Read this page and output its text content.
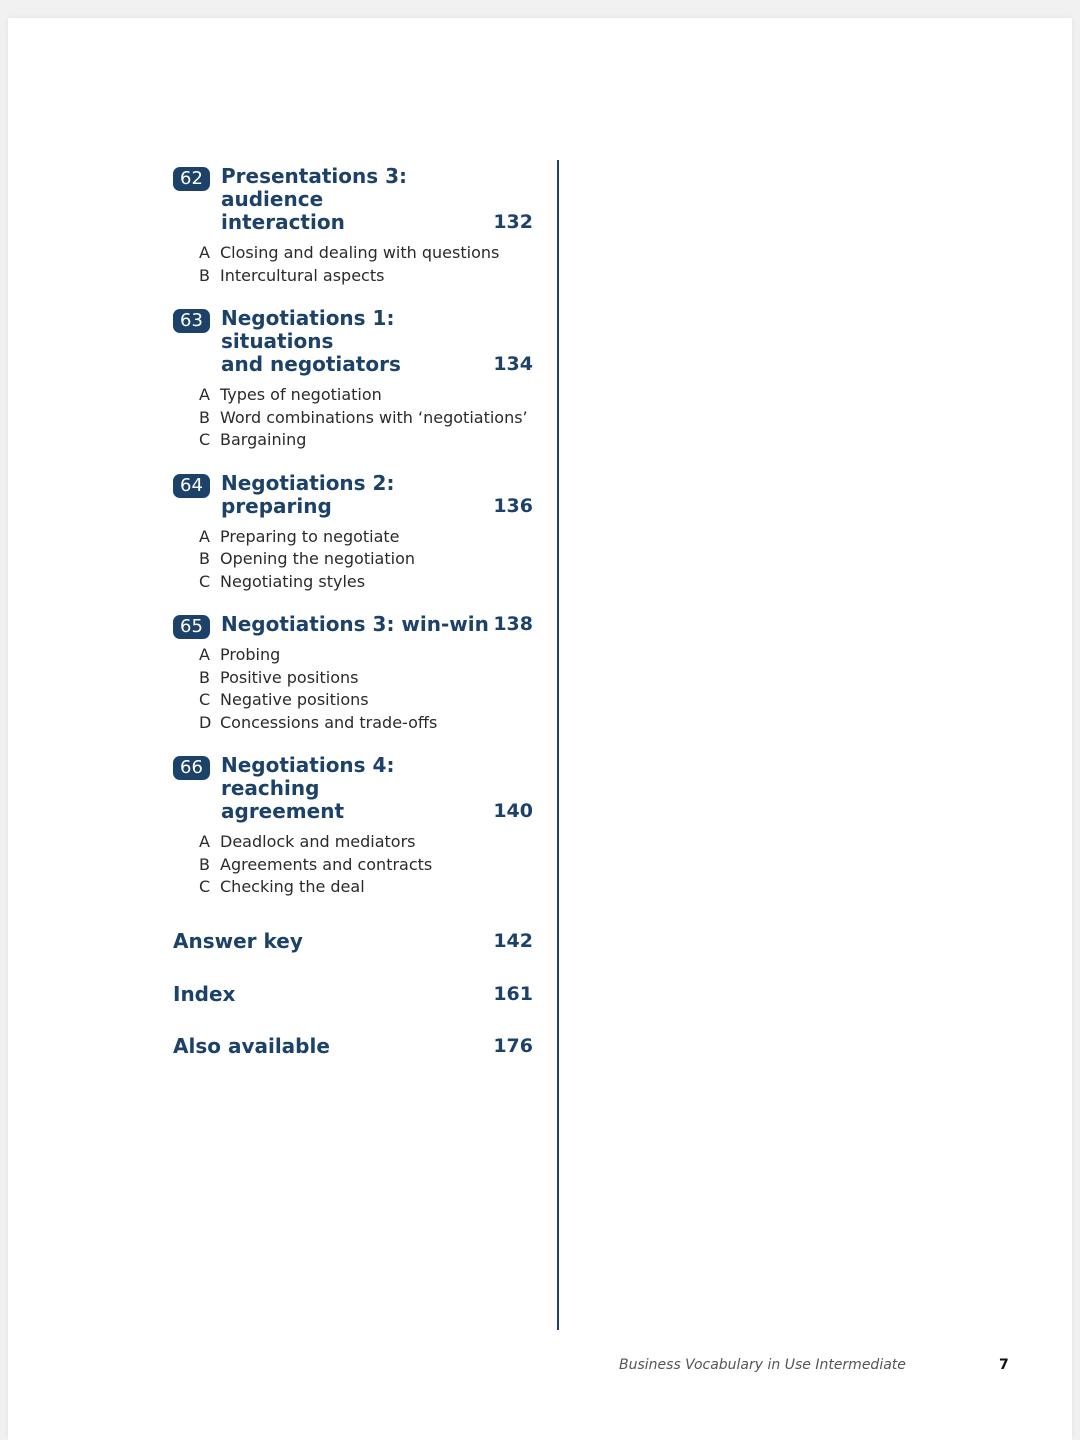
62 Presentations 3: audience
interaction	132
A Closing and dealing with questions
B Intercultural aspects
63 Negotiations 1: situations
and negotiators	134
A Types of negotiation
B Word combinations with ‘negotiations’
C Bargaining
64 Negotiations 2: preparing	136
A Preparing to negotiate
B Opening the negotiation
C Negotiating styles
65 Negotiations 3: win-win 138
A Probing
B Positive positions
C Negative positions
D Concessions and trade-offs
66 Negotiations 4: reaching
agreement	140
A Deadlock and mediators
B Agreements and contracts
C Checking the deal
Answer key	142
Index	161
Also available	176
Business Vocabulary in Use Intermediate	7
